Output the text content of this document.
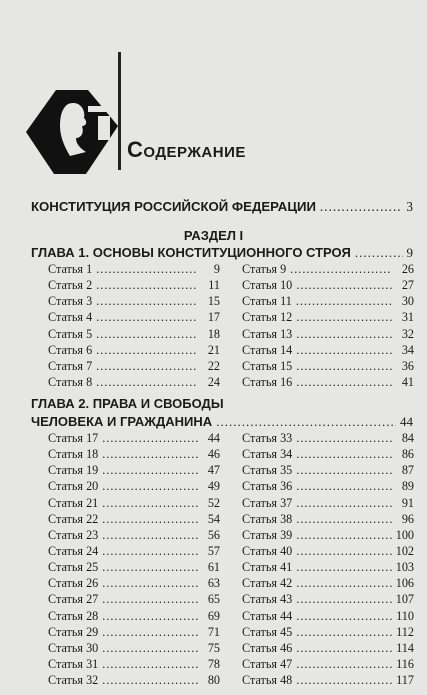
Содержание
КОНСТИТУЦИЯ РОССИЙСКОЙ ФЕДЕРАЦИИ .....	3
РАЗДЕЛ I
ГЛАВА 1. ОСНОВЫ КОНСТИТУЦИОННОГО СТРОЯ .....	9
Статья 1 .....	9
Статья 2 .....	11
Статья 3 .....	15
Статья 4 .....	17
Статья 5 .....	18
Статья 6 .....	21
Статья 7 .....	22
Статья 8 .....	24
Статья 9 .....	26
Статья 10 .....	27
Статья 11 .....	30
Статья 12 .....	31
Статья 13 .....	32
Статья 14 .....	34
Статья 15 .....	36
Статья 16 .....	41
ГЛАВА 2. ПРАВА И СВОБОДЫ
ЧЕЛОВЕКА И ГРАЖДАНИНА .....	44
Статья 17 .....	44
Статья 18 .....	46
Статья 19 .....	47
Статья 20 .....	49
Статья 21 .....	52
Статья 22 .....	54
Статья 23 .....	56
Статья 24 .....	57
Статья 25 .....	61
Статья 26 .....	63
Статья 27 .....	65
Статья 28 .....	69
Статья 29 .....	71
Статья 30 .....	75
Статья 31 .....	78
Статья 32 .....	80
Статья 33 .....	84
Статья 34 .....	86
Статья 35 .....	87
Статья 36 .....	89
Статья 37 .....	91
Статья 38 .....	96
Статья 39 .....	100
Статья 40 .....	102
Статья 41 .....	103
Статья 42 .....	106
Статья 43 .....	107
Статья 44 .....	110
Статья 45 .....	112
Статья 46 .....	114
Статья 47 .....	116
Статья 48 .....	117
